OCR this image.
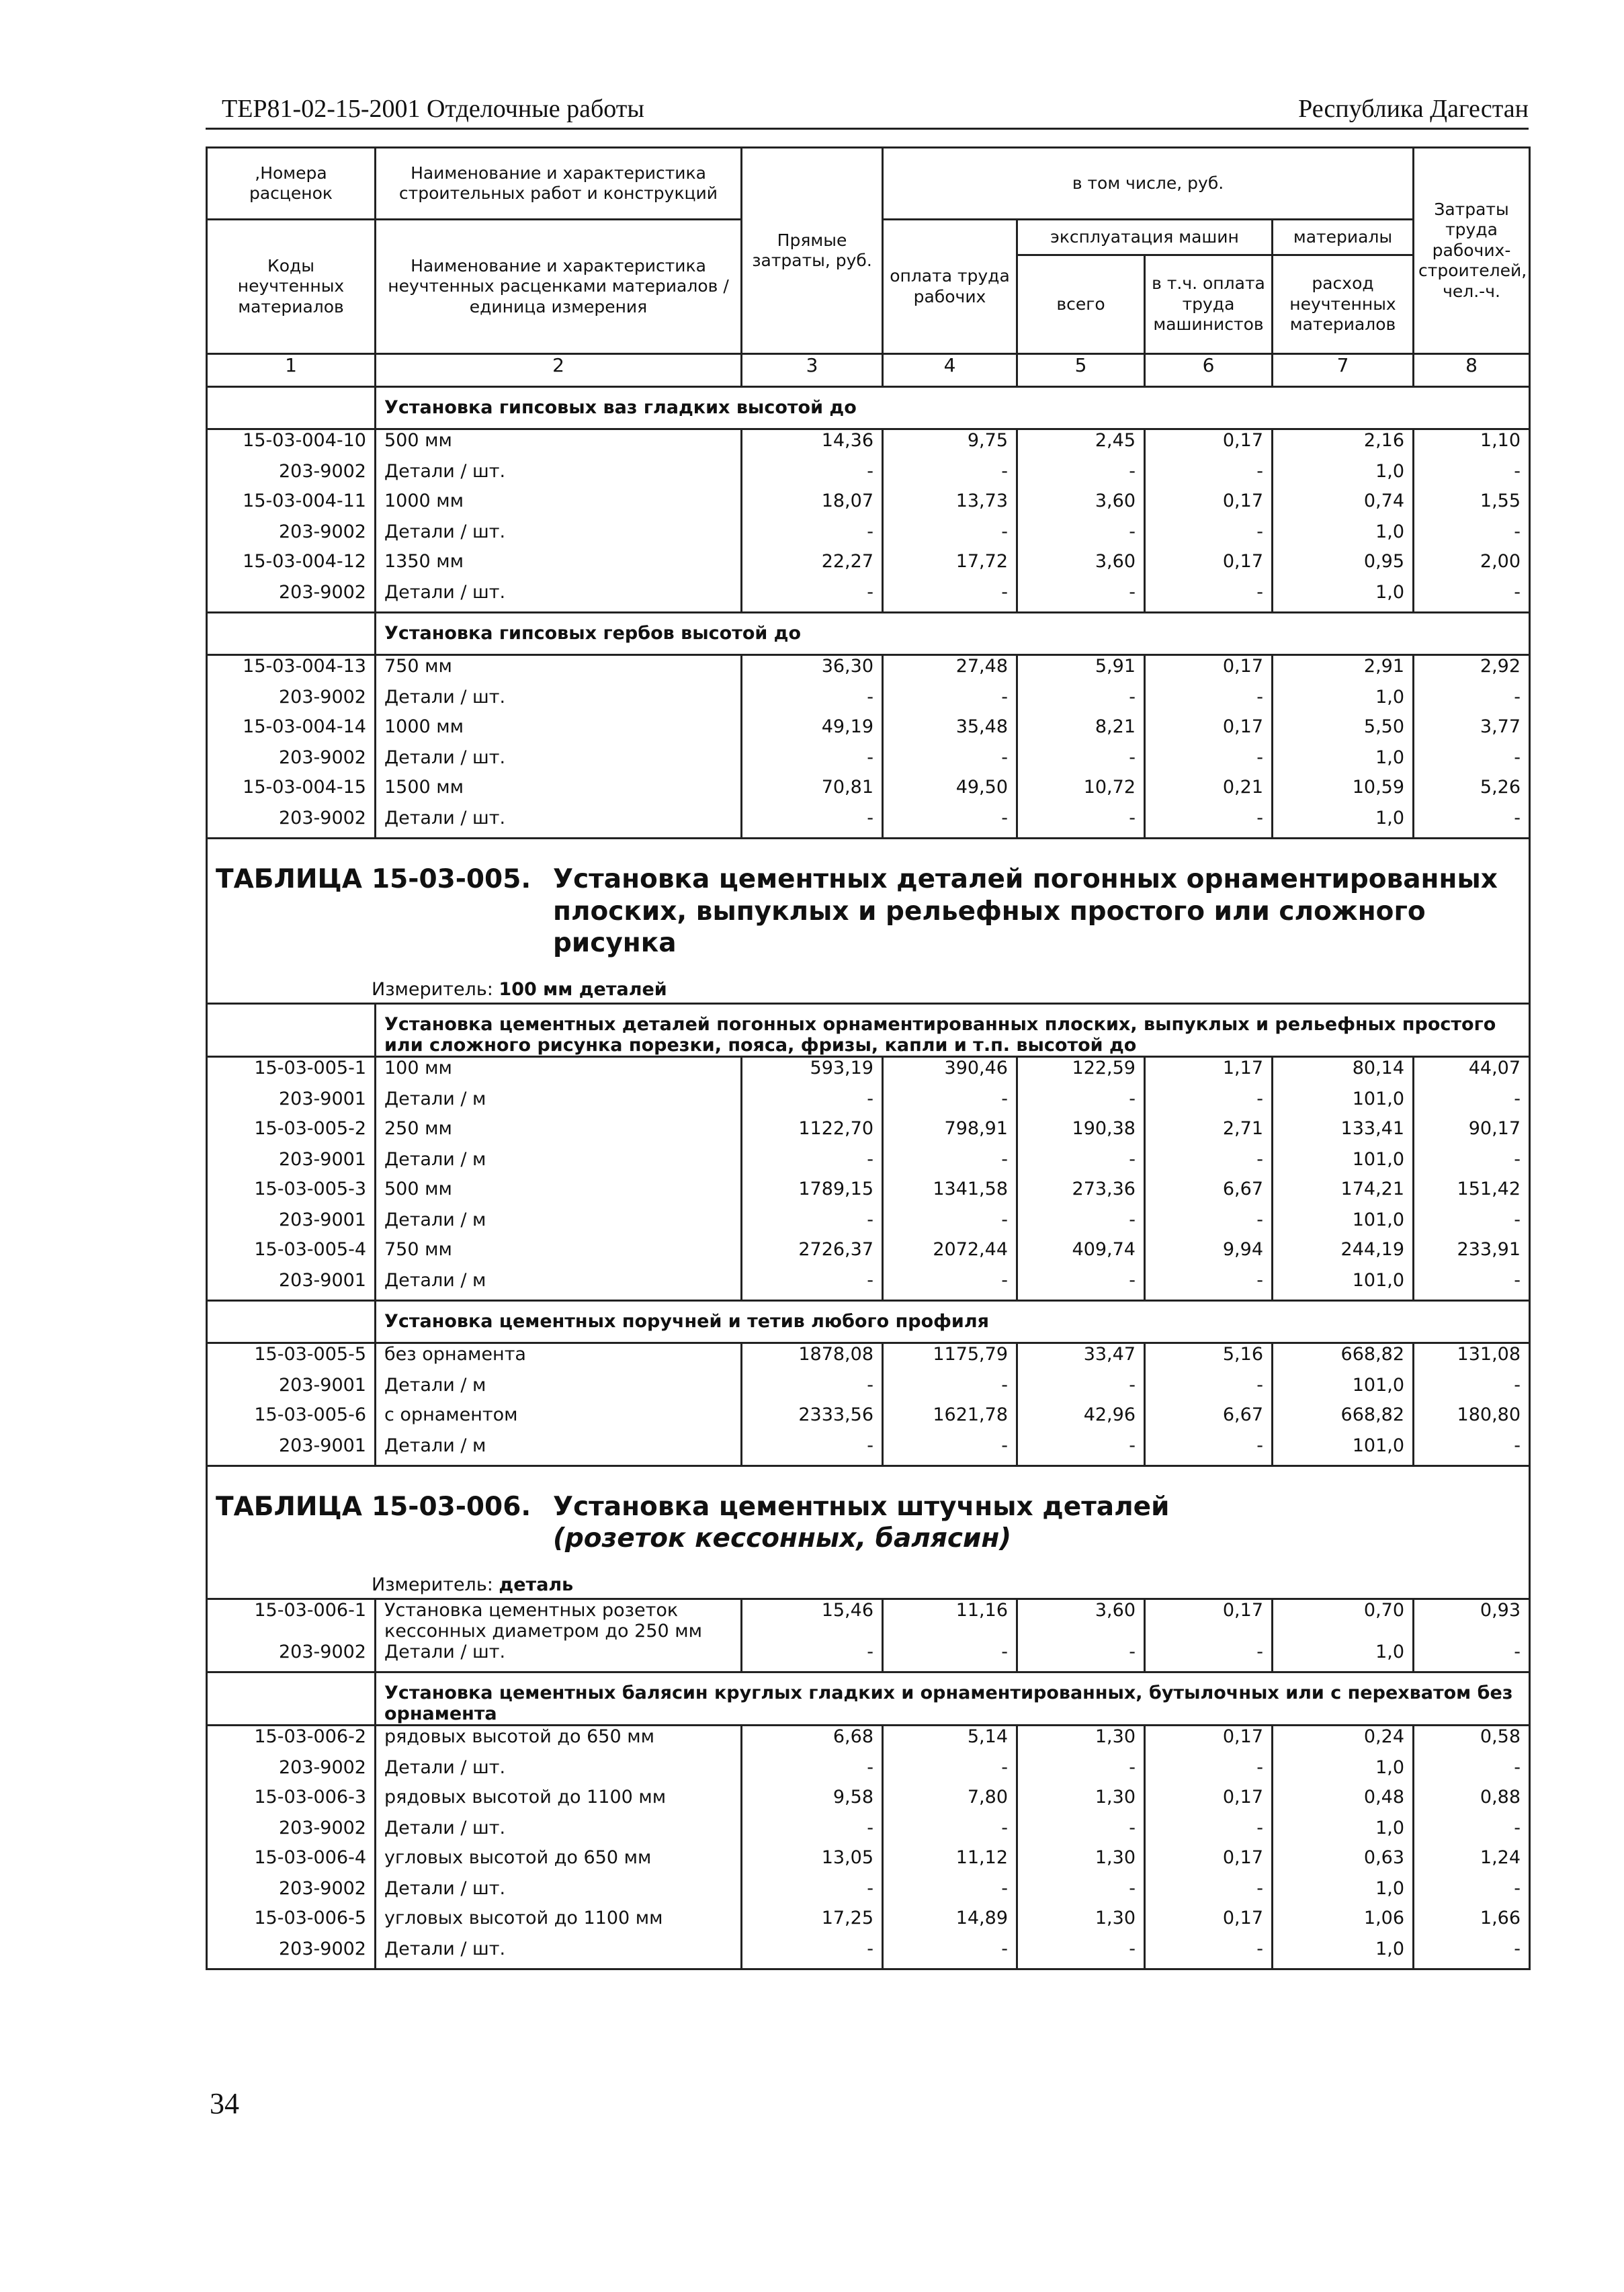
ТЕР81-02-15-2001 Отделочные работы	Республика Дагестан
,Номера расценок	Наименование и характеристика строительных работ и конструкций	Прямые затраты, руб.	в том числе, руб.				Затраты труда рабочих-строителей, чел.-ч.
Коды неучтенных материалов	Наименование и характеристика неучтенных расценками материалов / единица измерения		оплата труда рабочих	эксплуатация машин		материалы	
				всего	в т.ч. оплата труда машинистов	расход неучтенных материалов	

1	2	3	4	5	6	7	8
	Установка гипсовых ваз гладких высотой до						
15-03-004-10	500 мм	14,36	9,75	2,45	0,17	2,16	1,10
203-9002	Детали / шт.	-	-	-	-	1,0	-
15-03-004-11	1000 мм	18,07	13,73	3,60	0,17	0,74	1,55
203-9002	Детали / шт.	-	-	-	-	1,0	-
15-03-004-12	1350 мм	22,27	17,72	3,60	0,17	0,95	2,00
203-9002	Детали / шт.	-	-	-	-	1,0	-
	Установка гипсовых гербов высотой до						
15-03-004-13	750 мм	36,30	27,48	5,91	0,17	2,91	2,92
203-9002	Детали / шт.	-	-	-	-	1,0	-
15-03-004-14	1000 мм	49,19	35,48	8,21	0,17	5,50	3,77
203-9002	Детали / шт.	-	-	-	-	1,0	-
15-03-004-15	1500 мм	70,81	49,50	10,72	0,21	10,59	5,26
203-9002	Детали / шт.	-	-	-	-	1,0	-

ТАБЛИЦА 15-03-005. Установка цементных деталей погонных орнаментированных плоских, выпуклых и рельефных простого или сложного рисунка							

Измеритель: 100 мм деталей							
	Установка цементных деталей погонных орнаментированных плоских, выпуклых и рельефных простого или сложного рисунка порезки, пояса, фризы, капли и т.п. высотой до						
15-03-005-1	100 мм	593,19	390,46	122,59	1,17	80,14	44,07
203-9001	Детали / м	-	-	-	-	101,0	-
15-03-005-2	250 мм	1122,70	798,91	190,38	2,71	133,41	90,17
203-9001	Детали / м	-	-	-	-	101,0	-
15-03-005-3	500 мм	1789,15	1341,58	273,36	6,67	174,21	151,42
203-9001	Детали / м	-	-	-	-	101,0	-
15-03-005-4	750 мм	2726,37	2072,44	409,74	9,94	244,19	233,91
203-9001	Детали / м	-	-	-	-	101,0	-
	Установка цементных поручней и тетив любого профиля						
15-03-005-5	без орнамента	1878,08	1175,79	33,47	5,16	668,82	131,08
203-9001	Детали / м	-	-	-	-	101,0	-
15-03-005-6	с орнаментом	2333,56	1621,78	42,96	6,67	668,82	180,80
203-9001	Детали / м	-	-	-	-	101,0	-

ТАБЛИЦА 15-03-006. Установка цементных штучных деталей
(розеток кессонных, балясин)							

Измеритель: деталь							
15-03-006-1	Установка цементных розеток кессонных диаметром до 250 мм	15,46	11,16	3,60	0,17	0,70	0,93
203-9002	Детали / шт.	-	-	-	-	1,0	-
	Установка цементных балясин круглых гладких и орнаментированных, бутылочных или с перехватом без орнамента						
15-03-006-2	рядовых высотой до 650 мм	6,68	5,14	1,30	0,17	0,24	0,58
203-9002	Детали / шт.	-	-	-	-	1,0	-
15-03-006-3	рядовых высотой до 1100 мм	9,58	7,80	1,30	0,17	0,48	0,88
203-9002	Детали / шт.	-	-	-	-	1,0	-
15-03-006-4	угловых высотой до 650 мм	13,05	11,12	1,30	0,17	0,63	1,24
203-9002	Детали / шт.	-	-	-	-	1,0	-
15-03-006-5	угловых высотой до 1100 мм	17,25	14,89	1,30	0,17	1,06	1,66
203-9002	Детали / шт.	-	-	-	-	1,0	-
34
